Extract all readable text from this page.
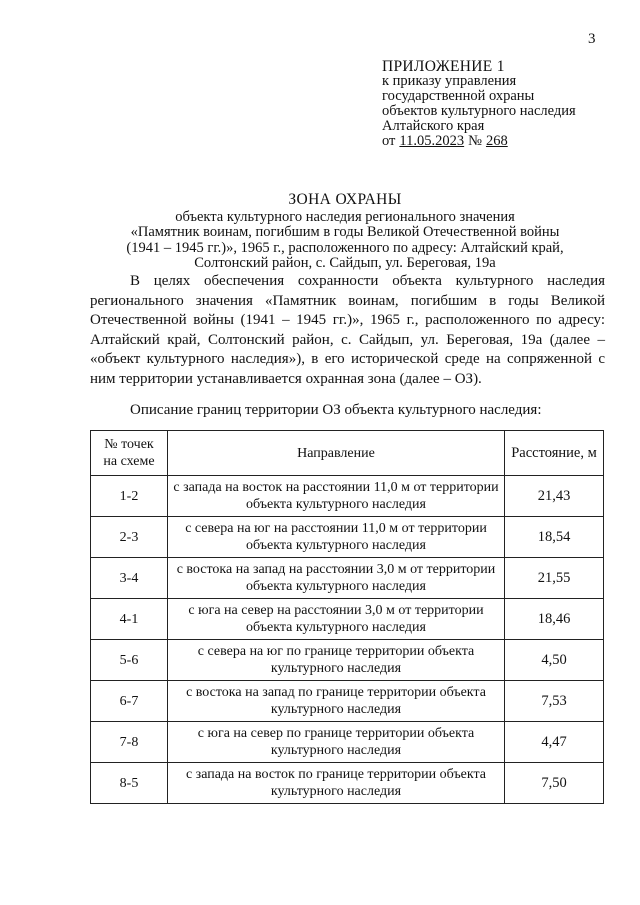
3
ПРИЛОЖЕНИЕ 1
к приказу управления
государственной охраны
объектов культурного наследия
Алтайского края
от 11.05.2023 № 268
ЗОНА ОХРАНЫ
объекта культурного наследия регионального значения
«Памятник воинам, погибшим в годы Великой Отечественной войны
(1941 – 1945 гг.)», 1965 г., расположенного по адресу: Алтайский край,
Солтонский район, с. Сайдып, ул. Береговая, 19а

В целях обеспечения сохранности объекта культурного наследия регионального значения «Памятник воинам, погибшим в годы Великой Отечественной войны (1941 – 1945 гг.)», 1965 г., расположенного по адресу: Алтайский край, Солтонский район, с. Сайдып, ул. Береговая, 19а (далее – «объект культурного наследия»), в его исторической среде на сопряженной с ним территории устанавливается охранная зона (далее – ОЗ).

Описание границ территории ОЗ объекта культурного наследия:
№ точек
на схеме	Направление	Расстояние, м
1-2	с запада на восток на расстоянии 11,0 м от территории объекта культурного наследия	21,43
2-3	с севера на юг на расстоянии 11,0 м от территории объекта культурного наследия	18,54
3-4	с востока на запад на расстоянии 3,0 м от территории объекта культурного наследия	21,55
4-1	с юга на север на расстоянии 3,0 м от территории объекта культурного наследия	18,46
5-6	с севера на юг по границе территории объекта культурного наследия	4,50
6-7	с востока на запад по границе территории объекта культурного наследия	7,53
7-8	с юга на север по границе территории объекта культурного наследия	4,47
8-5	с запада на восток по границе территории объекта культурного наследия	7,50
